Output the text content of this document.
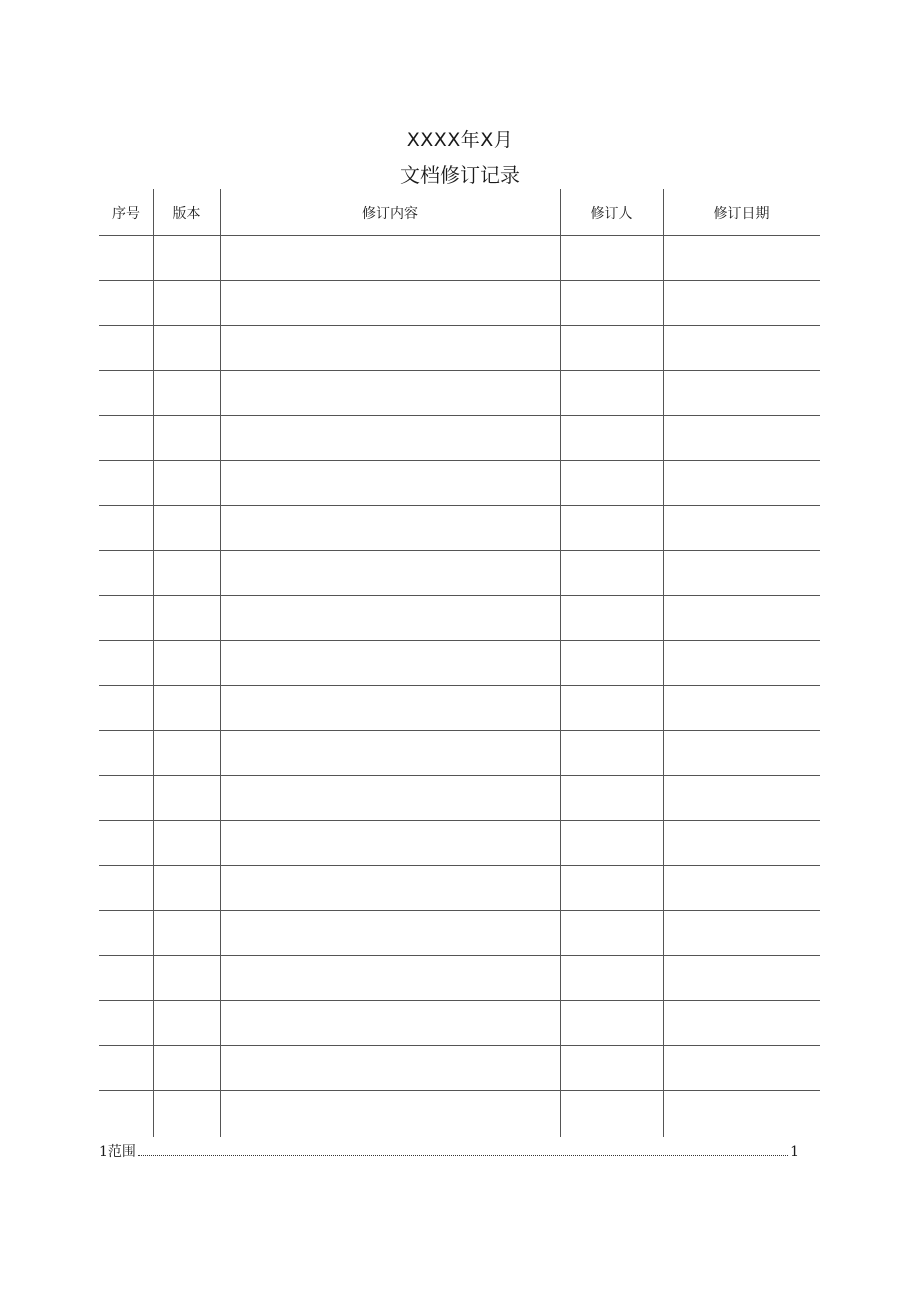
XXXX年X月
文档修订记录
序号	版本	修订内容	修订人	修订日期
1范围	1
